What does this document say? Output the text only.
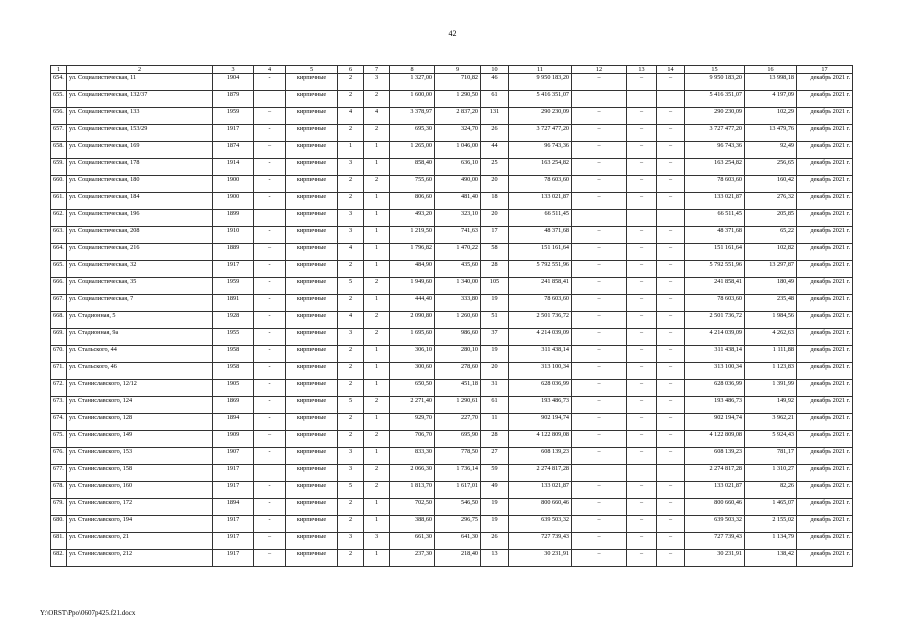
42
1	2	3	4	5	6	7	8	9	10	11	12	13	14	15	16	17
654.	ул. Социалистическая, 11	1904	-	кирпичные	2	3	1 327,00	710,82	46	9 950 183,20	–	–	–	9 950 183,20	13 998,18	декабрь 2021 г.
655.	ул. Социалистическая, 132/37	1879		кирпичные	2	2	1 600,00	1 290,50	61	5 416 351,07				5 416 351,07	4 197,09	декабрь 2021 г.
656.	ул. Социалистическая, 133	1959	–	кирпичные	4	4	3 378,97	2 837,20	131	290 230,09	–	–	–	290 230,09	102,29	декабрь 2021 г.
657.	ул. Социалистическая, 153/29	1917	-	кирпичные	2	2	695,30	324,70	26	3 727 477,20	–	–	–	3 727 477,20	13 479,76	декабрь 2021 г.
658.	ул. Социалистическая, 169	1874	–	кирпичные	1	1	1 265,00	1 046,00	44	96 743,36	–	–	–	96 743,36	92,49	декабрь 2021 г.
659.	ул. Социалистическая, 178	1914	-	кирпичные	3	1	858,40	636,10	25	163 254,82	–	–	–	163 254,82	256,65	декабрь 2021 г.
660.	ул. Социалистическая, 180	1900	-	кирпичные	2	2	755,60	490,00	20	78 603,60	–	–	–	78 603,60	160,42	декабрь 2021 г.
661.	ул. Социалистическая, 184	1900	-	кирпичные	2	1	806,60	481,40	18	133 021,87	–	–	–	133 021,87	276,32	декабрь 2021 г.
662.	ул. Социалистическая, 196	1899		кирпичные	3	1	493,20	323,10	20	66 511,45				66 511,45	205,85	декабрь 2021 г.
663.	ул. Социалистическая, 208	1910	-	кирпичные	3	1	1 219,50	741,63	17	48 371,68	–	–	–	48 371,68	65,22	декабрь 2021 г.
664.	ул. Социалистическая, 216	1889	–	кирпичные	4	1	1 796,82	1 470,22	58	151 161,64	–	–	–	151 161,64	102,82	декабрь 2021 г.
665.	ул. Социалистическая, 32	1917	-	кирпичные	2	1	484,90	435,60	28	5 792 551,96	–	–	–	5 792 551,96	13 297,87	декабрь 2021 г.
666.	ул. Социалистическая, 35	1959	-	кирпичные	5	2	1 949,60	1 340,00	105	241 858,41	–	–	–	241 858,41	180,49	декабрь 2021 г.
667.	ул. Социалистическая, 7	1891	-	кирпичные	2	1	444,40	333,80	19	78 603,60	–	–	–	78 603,60	235,48	декабрь 2021 г.
668.	ул. Стадионная, 5	1928	-	кирпичные	4	2	2 090,80	1 260,60	51	2 501 736,72	–	–	–	2 501 736,72	1 984,56	декабрь 2021 г.
669.	ул. Стадионная, 9а	1955	-	кирпичные	3	2	1 695,60	986,60	37	4 214 039,09	–	–	–	4 214 039,09	4 262,63	декабрь 2021 г.
670.	ул. Стальского, 44	1958	-	кирпичные	2	1	306,10	280,10	19	311 438,14	–	–	–	311 438,14	1 111,88	декабрь 2021 г.
671.	ул. Стальского, 46	1958	-	кирпичные	2	1	300,60	278,60	20	313 100,34	–	–	–	313 100,34	1 123,83	декабрь 2021 г.
672.	ул. Станиславского, 12/12	1905	-	кирпичные	2	1	650,50	451,18	31	628 036,99	–	–	–	628 036,99	1 391,99	декабрь 2021 г.
673.	ул. Станиславского, 124	1869	-	кирпичные	5	2	2 271,40	1 290,61	61	193 486,73	–	–	–	193 486,73	149,92	декабрь 2021 г.
674.	ул. Станиславского, 128	1894	-	кирпичные	2	1	929,70	227,70	11	902 194,74	–	–	–	902 194,74	3 962,21	декабрь 2021 г.
675.	ул. Станиславского, 149	1909	–	кирпичные	2	2	706,70	695,90	28	4 122 809,08	–	–	–	4 122 809,08	5 924,43	декабрь 2021 г.
676.	ул. Станиславского, 153	1907	-	кирпичные	3	1	833,30	778,50	27	608 139,23	–	–	–	608 139,23	781,17	декабрь 2021 г.
677.	ул. Станиславского, 158	1917		кирпичные	3	2	2 066,30	1 736,14	59	2 274 817,28				2 274 817,28	1 310,27	декабрь 2021 г.
678.	ул. Станиславского, 160	1917	-	кирпичные	5	2	1 813,70	1 617,01	49	133 021,87	–	–	–	133 021,87	82,26	декабрь 2021 г.
679.	ул. Станиславского, 172	1894	-	кирпичные	2	1	702,50	546,50	19	800 660,46	–	–	–	800 660,46	1 465,07	декабрь 2021 г.
680.	ул. Станиславского, 194	1917	-	кирпичные	2	1	388,60	296,75	19	639 503,32	–	–	–	639 503,32	2 155,02	декабрь 2021 г.
681.	ул. Станиславского, 21	1917	–	кирпичные	3	3	661,30	641,30	26	727 739,43	–	–	–	727 739,43	1 134,79	декабрь 2021 г.
682.	ул. Станиславского, 212	1917	–	кирпичные	2	1	237,30	218,40	13	30 231,91	–	–	–	30 231,91	138,42	декабрь 2021 г.
Y:\ORST\Ppo\0607p425.f21.docx
